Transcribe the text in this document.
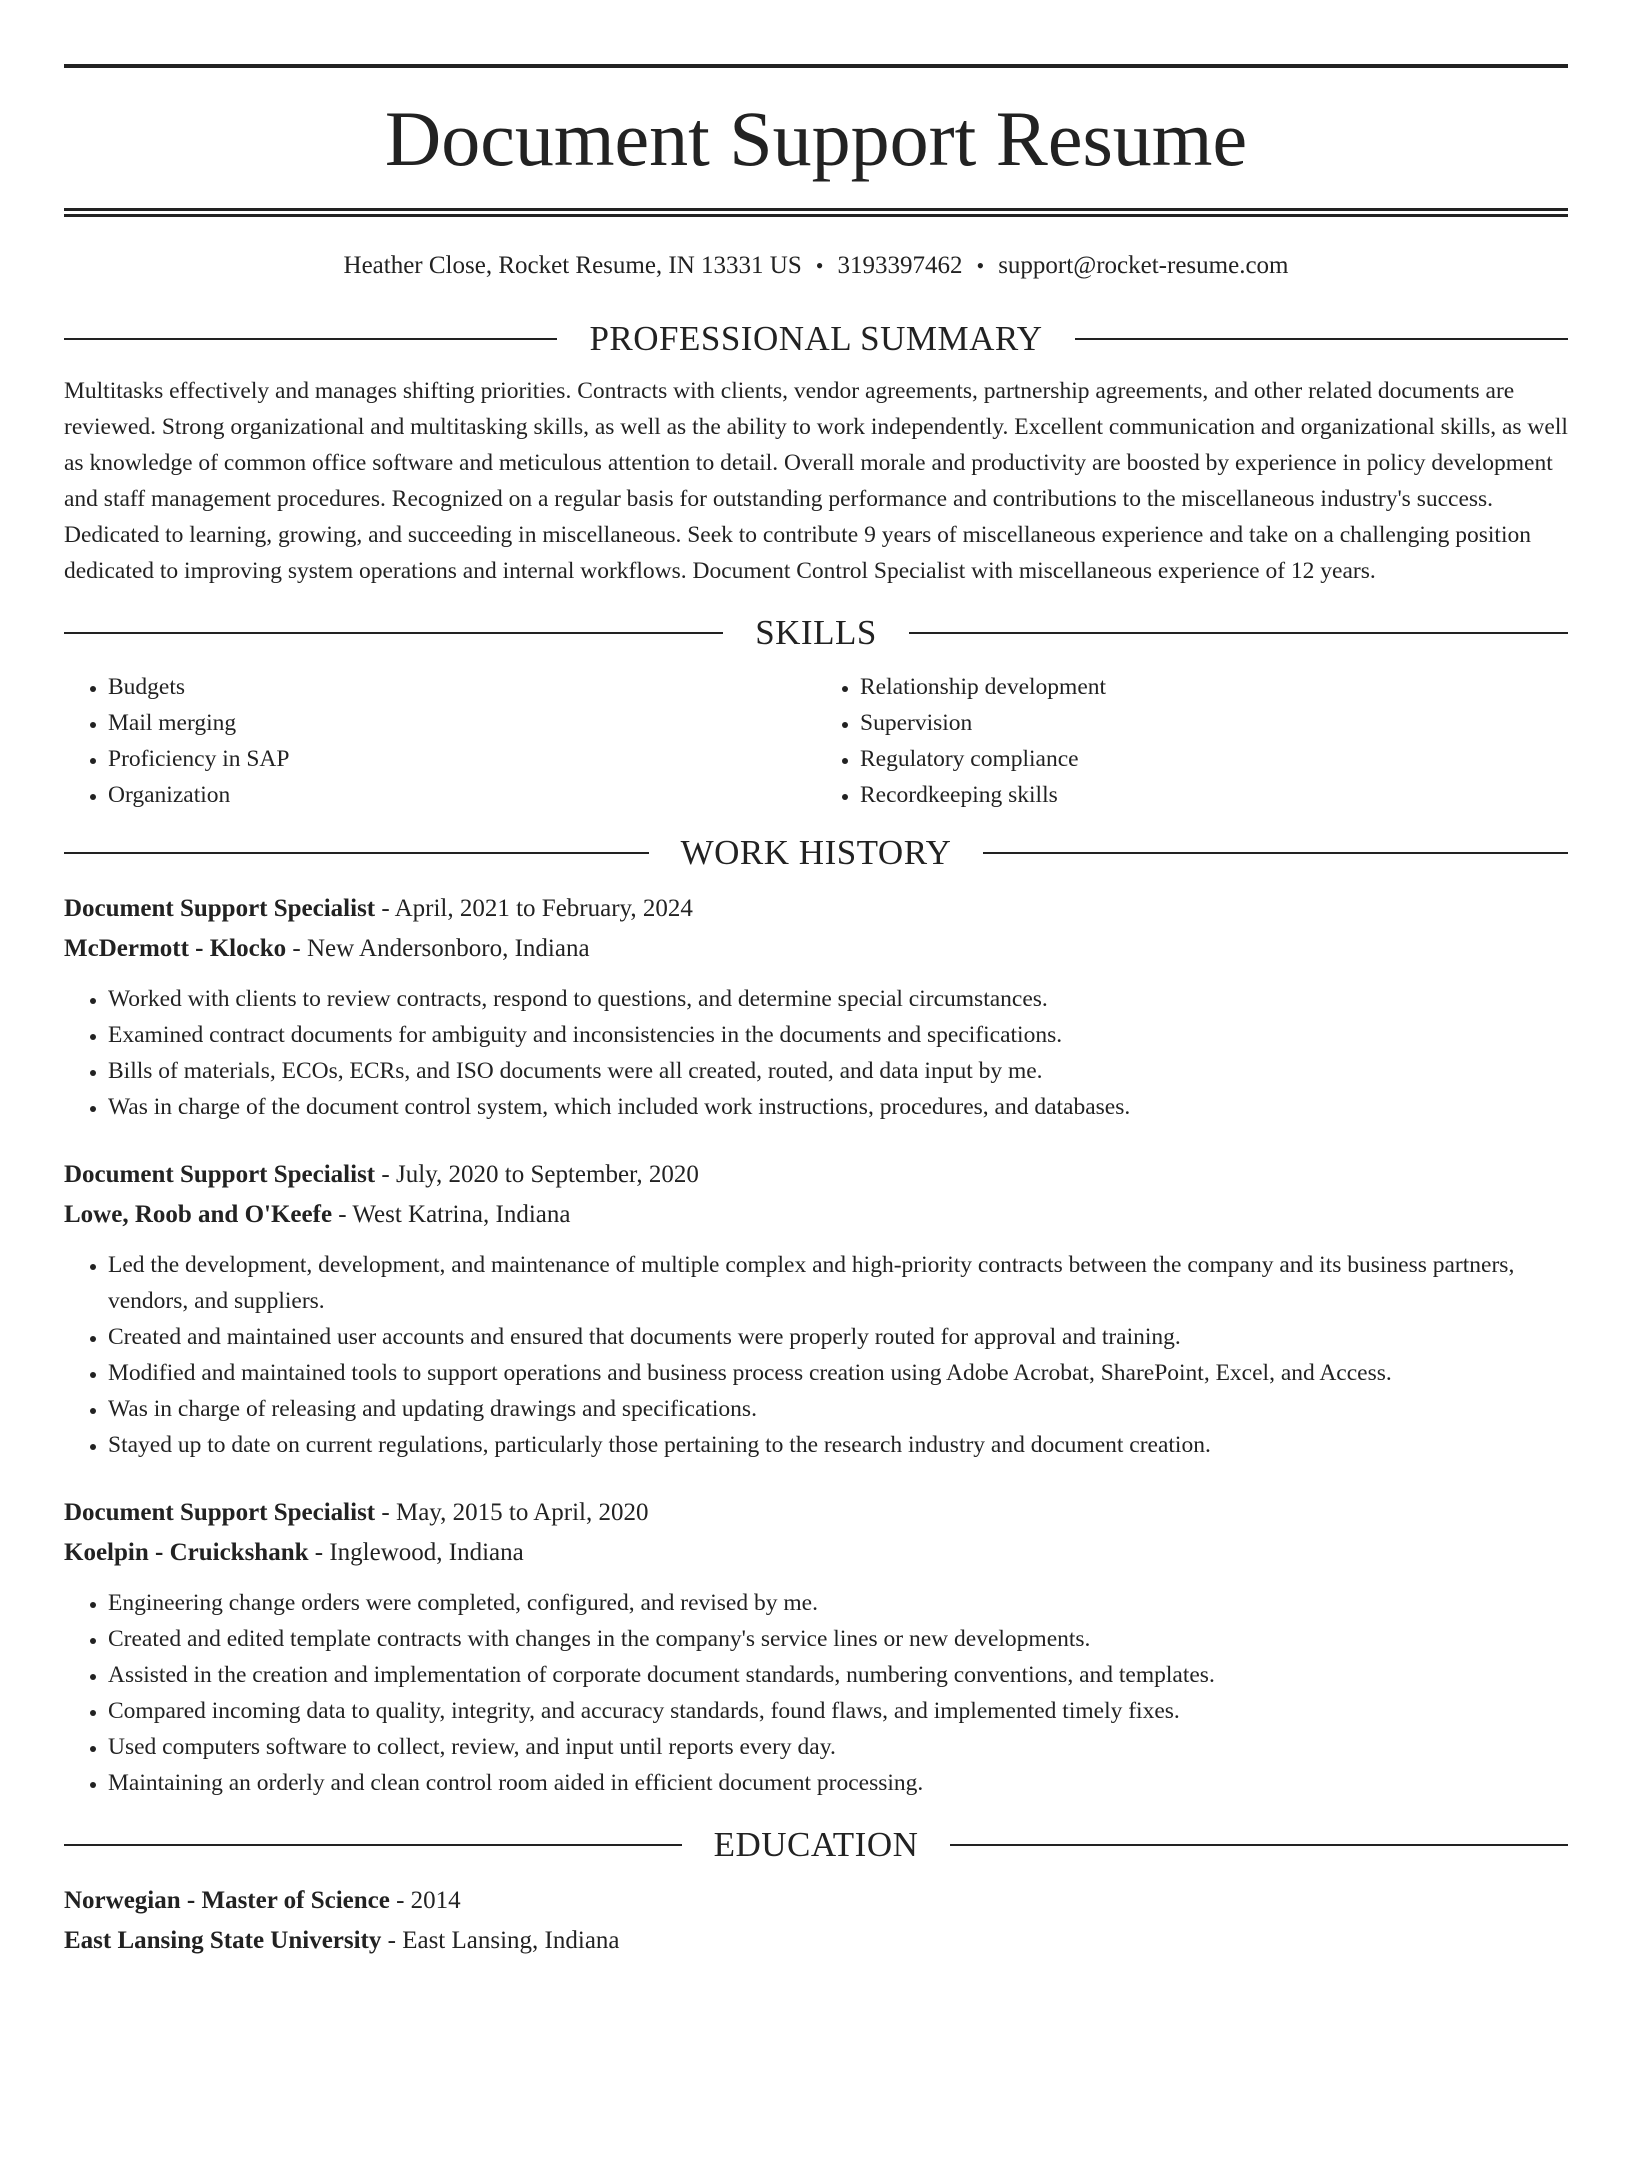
Document Support Resume
Heather Close, Rocket Resume, IN 13331 US • 3193397462 • support@rocket-resume.com
PROFESSIONAL SUMMARY

Multitasks effectively and manages shifting priorities. Contracts with clients, vendor agreements, partnership agreements, and other related documents are reviewed. Strong organizational and multitasking skills, as well as the ability to work independently. Excellent communication and organizational skills, as well as knowledge of common office software and meticulous attention to detail. Overall morale and productivity are boosted by experience in policy development and staff management procedures. Recognized on a regular basis for outstanding performance and contributions to the miscellaneous industry's success. Dedicated to learning, growing, and succeeding in miscellaneous. Seek to contribute 9 years of miscellaneous experience and take on a challenging position dedicated to improving system operations and internal workflows. Document Control Specialist with miscellaneous experience of 12 years.

SKILLS
• Budgets
• Mail merging
• Proficiency in SAP
• Organization
• Relationship development
• Supervision
• Regulatory compliance
• Recordkeeping skills
WORK HISTORY
Document Support Specialist - April, 2021 to February, 2024
McDermott - Klocko - New Andersonboro, Indiana
• Worked with clients to review contracts, respond to questions, and determine special circumstances.
• Examined contract documents for ambiguity and inconsistencies in the documents and specifications.
• Bills of materials, ECOs, ECRs, and ISO documents were all created, routed, and data input by me.
• Was in charge of the document control system, which included work instructions, procedures, and databases.
Document Support Specialist - July, 2020 to September, 2020
Lowe, Roob and O'Keefe - West Katrina, Indiana
• Led the development, development, and maintenance of multiple complex and high-priority contracts between the company and its business partners, vendors, and suppliers.
• Created and maintained user accounts and ensured that documents were properly routed for approval and training.
• Modified and maintained tools to support operations and business process creation using Adobe Acrobat, SharePoint, Excel, and Access.
• Was in charge of releasing and updating drawings and specifications.
• Stayed up to date on current regulations, particularly those pertaining to the research industry and document creation.
Document Support Specialist - May, 2015 to April, 2020
Koelpin - Cruickshank - Inglewood, Indiana
• Engineering change orders were completed, configured, and revised by me.
• Created and edited template contracts with changes in the company's service lines or new developments.
• Assisted in the creation and implementation of corporate document standards, numbering conventions, and templates.
• Compared incoming data to quality, integrity, and accuracy standards, found flaws, and implemented timely fixes.
• Used computers software to collect, review, and input until reports every day.
• Maintaining an orderly and clean control room aided in efficient document processing.
EDUCATION
Norwegian - Master of Science - 2014
East Lansing State University - East Lansing, Indiana
